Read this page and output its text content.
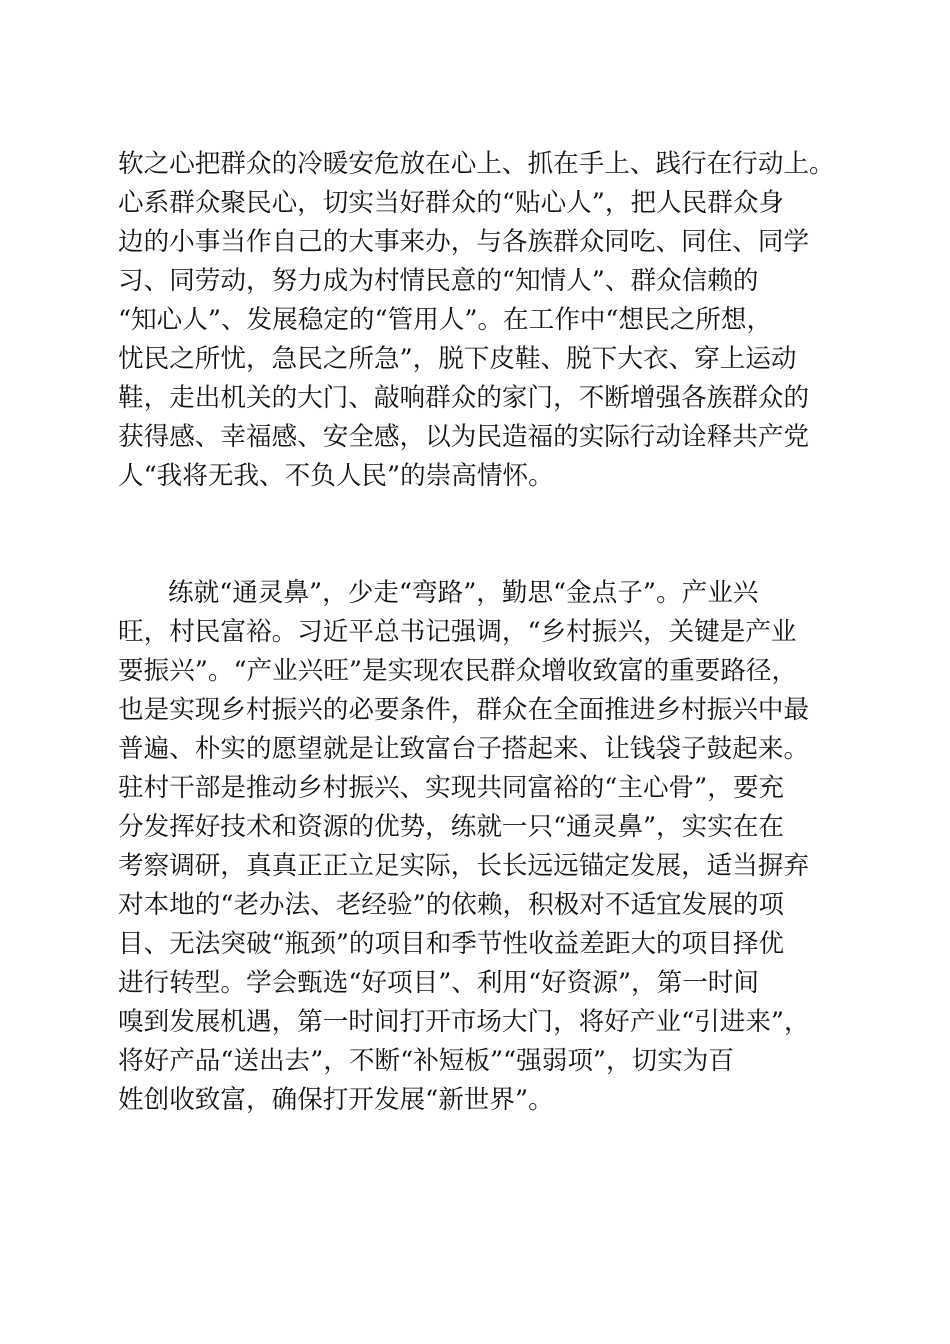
软之心把群众的冷暖安危放在心上、抓在手上、践行在行动上。
心系群众聚民心，切实当好群众的“贴心人”，把人民群众身
边的小事当作自己的大事来办，与各族群众同吃、同住、同学
习、同劳动，努力成为村情民意的“知情人”、群众信赖的
“知心人”、发展稳定的“管用人”。在工作中“想民之所想，
忧民之所忧，急民之所急”，脱下皮鞋、脱下大衣、穿上运动
鞋，走出机关的大门、敲响群众的家门，不断增强各族群众的
获得感、幸福感、安全感，以为民造福的实际行动诠释共产党
人“我将无我、不负人民”的崇高情怀。
练就“通灵鼻”，少走“弯路”，勤思“金点子”。产业兴
旺，村民富裕。习近平总书记强调，“乡村振兴，关键是产业
要振兴”。“产业兴旺”是实现农民群众增收致富的重要路径，
也是实现乡村振兴的必要条件，群众在全面推进乡村振兴中最
普遍、朴实的愿望就是让致富台子搭起来、让钱袋子鼓起来。
驻村干部是推动乡村振兴、实现共同富裕的“主心骨”，要充
分发挥好技术和资源的优势，练就一只“通灵鼻”，实实在在
考察调研，真真正正立足实际，长长远远锚定发展，适当摒弃
对本地的“老办法、老经验”的依赖，积极对不适宜发展的项
目、无法突破“瓶颈”的项目和季节性收益差距大的项目择优
进行转型。学会甄选“好项目”、利用“好资源”，第一时间
嗅到发展机遇，第一时间打开市场大门，将好产业“引进来”，
将好产品“送出去”，不断“补短板”“强弱项”，切实为百
姓创收致富，确保打开发展“新世界”。
